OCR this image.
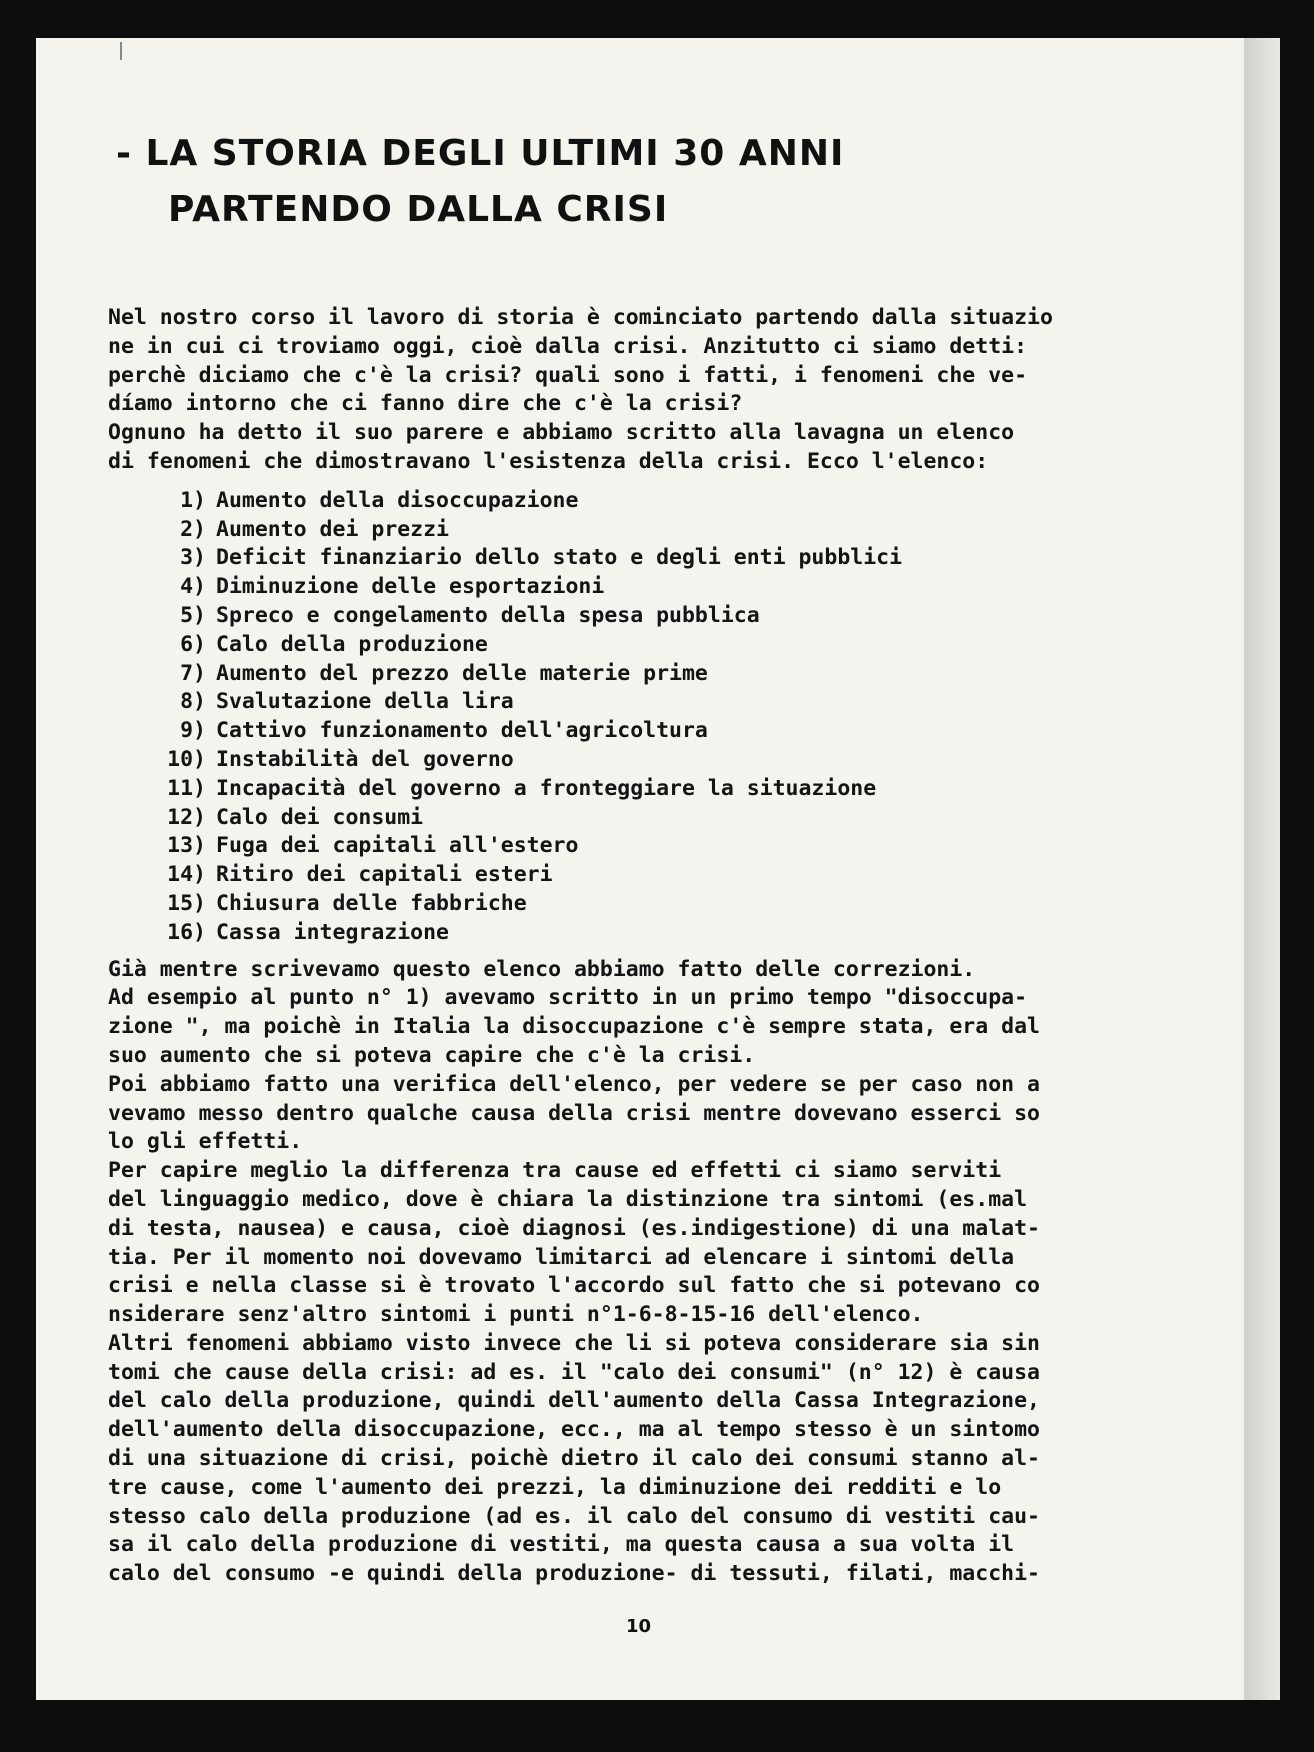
- LA STORIA DEGLI ULTIMI 30 ANNI
PARTENDO DALLA CRISI

Nel nostro corso il lavoro di storia è cominciato partendo dalla situazio

ne in cui ci troviamo oggi, cioè dalla crisi. Anzitutto ci siamo detti:

perchè diciamo che c'è la crisi? quali sono i fatti, i fenomeni che ve-

díamo intorno che ci fanno dire che c'è la crisi?

Ognuno ha detto il suo parere e abbiamo scritto alla lavagna un elenco

di fenomeni che dimostravano l'esistenza della crisi. Ecco l'elenco:

1) Aumento della disoccupazione
2) Aumento dei prezzi
3) Deficit finanziario dello stato e degli enti pubblici
4) Diminuzione delle esportazioni
5) Spreco e congelamento della spesa pubblica
6) Calo della produzione
7) Aumento del prezzo delle materie prime
8) Svalutazione della lira
9) Cattivo funzionamento dell'agricoltura
10) Instabilità del governo
11) Incapacità del governo a fronteggiare la situazione
12) Calo dei consumi
13) Fuga dei capitali all'estero
14) Ritiro dei capitali esteri
15) Chiusura delle fabbriche
16) Cassa integrazione

Già mentre scrivevamo questo elenco abbiamo fatto delle correzioni.

Ad esempio al punto n° 1) avevamo scritto in un primo tempo "disoccupa-

zione ", ma poichè in Italia la disoccupazione c'è sempre stata, era dal

suo aumento che si poteva capire che c'è la crisi.

Poi abbiamo fatto una verifica dell'elenco, per vedere se per caso non a

vevamo messo dentro qualche causa della crisi mentre dovevano esserci so

lo gli effetti.

Per capire meglio la differenza tra cause ed effetti ci siamo serviti

del linguaggio medico, dove è chiara la distinzione tra sintomi (es.mal

di testa, nausea) e causa, cioè diagnosi (es.indigestione) di una malat-

tia. Per il momento noi dovevamo limitarci ad elencare i sintomi della

crisi e nella classe si è trovato l'accordo sul fatto che si potevano co

nsiderare senz'altro sintomi i punti n°1-6-8-15-16 dell'elenco.

Altri fenomeni abbiamo visto invece che li si poteva considerare sia sin

tomi che cause della crisi: ad es. il "calo dei consumi" (n° 12) è causa

del calo della produzione, quindi dell'aumento della Cassa Integrazione,

dell'aumento della disoccupazione, ecc., ma al tempo stesso è un sintomo

di una situazione di crisi, poichè dietro il calo dei consumi stanno al-

tre cause, come l'aumento dei prezzi, la diminuzione dei redditi e lo

stesso calo della produzione (ad es. il calo del consumo di vestiti cau-

sa il calo della produzione di vestiti, ma questa causa a sua volta il

calo del consumo -e quindi della produzione- di tessuti, filati, macchi-

10
